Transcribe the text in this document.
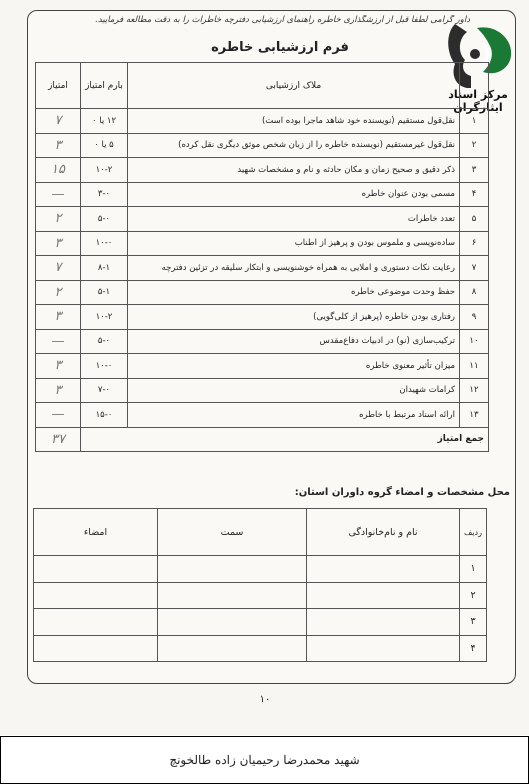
داور گرامی لطفاً قبل از ارزشگذاری خاطره راهنمای ارزشیابی دفترچه خاطرات را به دقت مطالعه فرمایید.
فرم ارزشیابی خاطره
مرکز اسناد ایثارگران
	ملاک ارزشیابی	بارم امتیاز	امتیاز
۱	نقل‌قول مستقیم (نویسنده خود شاهد ماجرا بوده است)	۱۲ یا ۰	۷
۲	نقل‌قول غیرمستقیم (نویسنده خاطره را از زبان شخص موثق دیگری نقل کرده)	۵ یا ۰	۳
۳	ذکر دقیق و صحیح زمان و مکان حادثه و نام و مشخصات شهید	۱۰-۲	۱۵
۴	مسمی بودن عنوان خاطره	۳-۰	—
۵	تعدد خاطرات	۵-۰	۲
۶	ساده‌نویسی و ملموس بودن و پرهیز از اطناب	۱۰-۰	۳
۷	رعایت نکات دستوری و املایی به همراه خوشنویسی و ابتکار سلیقه در تزئین دفترچه	۸-۱	۷
۸	حفظ وحدت موضوعی خاطره	۵-۱	۲
۹	رفتاری بودن خاطره (پرهیز از کلی‌گویی)	۱۰-۲	۳
۱۰	ترکیب‌سازی (نو) در ادبیات دفاع‌مقدس	۵-۰	—
۱۱	میزان تأثیر معنوی خاطره	۱۰-۰	۳
۱۲	کرامات شهیدان	۷-۰	۳
۱۳	ارائه اسناد مرتبط با خاطره	۱۵-۰	—
جمع امتیاز			۳۷
محل مشخصات و امضاء گروه داوران استان:
ردیف	نام و نام‌خانوادگی	سمت	امضاء
۱			
۲			
۳			
۴			
۱۰
شهید محمدرضا رحیمیان زاده طالخونچ
